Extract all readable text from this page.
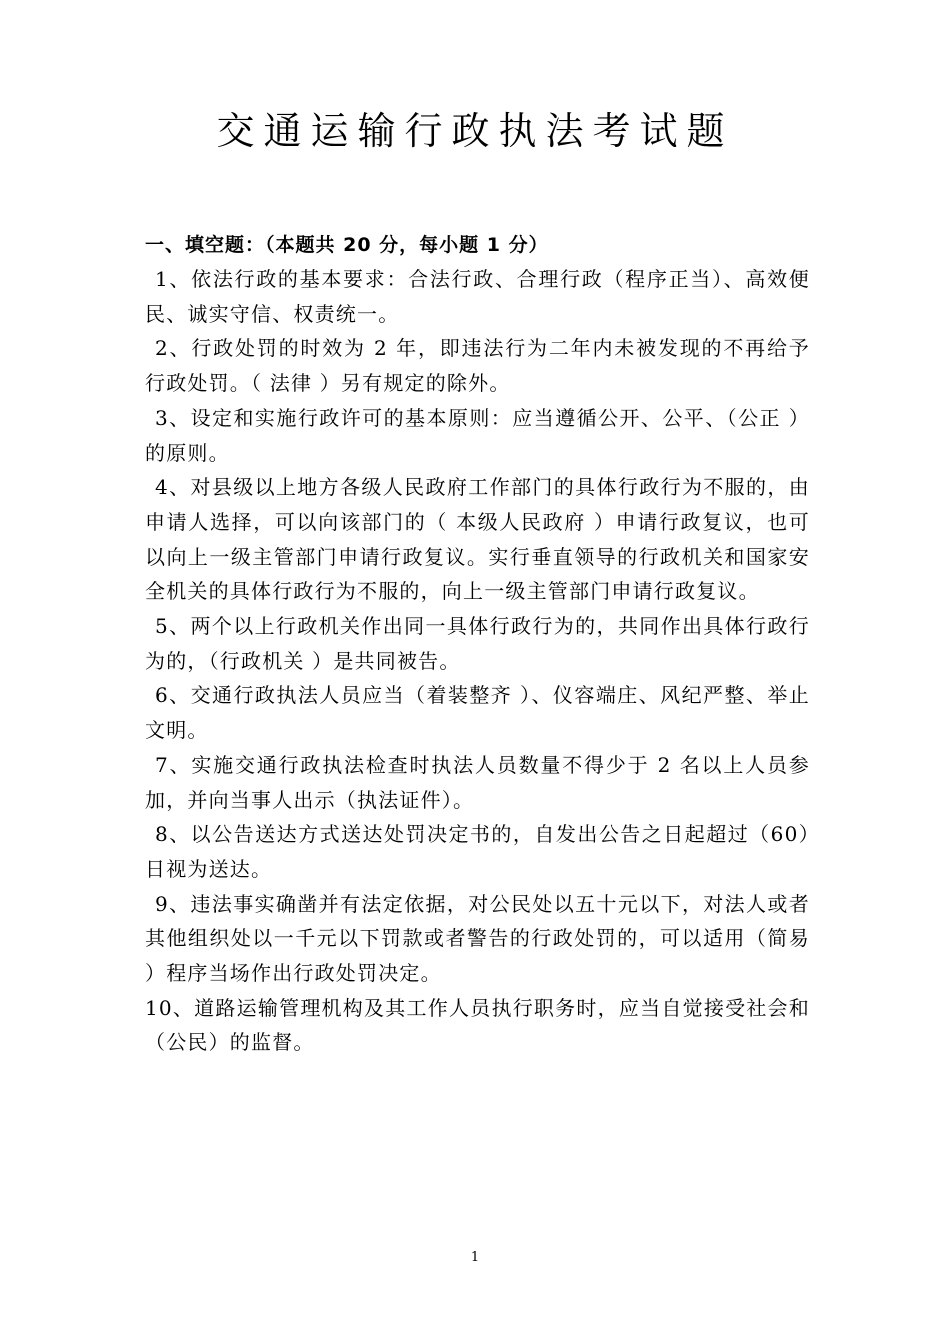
交通运输行政执法考试题
一、填空题：（本题共 20 分，每小题 1 分）

1、依法行政的基本要求：合法行政、合理行政（程序正当）、高效便民、诚实守信、权责统一。

2、行政处罚的时效为 2 年，即违法行为二年内未被发现的不再给予行政处罚。（ 法律 ）另有规定的除外。

3、设定和实施行政许可的基本原则：应当遵循公开、公平、（公正 ）的原则。

4、对县级以上地方各级人民政府工作部门的具体行政行为不服的，由申请人选择，可以向该部门的（ 本级人民政府 ）申请行政复议，也可以向上一级主管部门申请行政复议。实行垂直领导的行政机关和国家安全机关的具体行政行为不服的，向上一级主管部门申请行政复议。

5、两个以上行政机关作出同一具体行政行为的，共同作出具体行政行为的，（行政机关 ）是共同被告。

6、交通行政执法人员应当（着装整齐 ）、仪容端庄、风纪严整、举止文明。

7、实施交通行政执法检查时执法人员数量不得少于 2 名以上人员参加，并向当事人出示（执法证件）。

8、以公告送达方式送达处罚决定书的，自发出公告之日起超过（60）日视为送达。

9、违法事实确凿并有法定依据，对公民处以五十元以下，对法人或者其他组织处以一千元以下罚款或者警告的行政处罚的，可以适用（简易 ）程序当场作出行政处罚决定。

10、道路运输管理机构及其工作人员执行职务时，应当自觉接受社会和（公民）的监督。

1
